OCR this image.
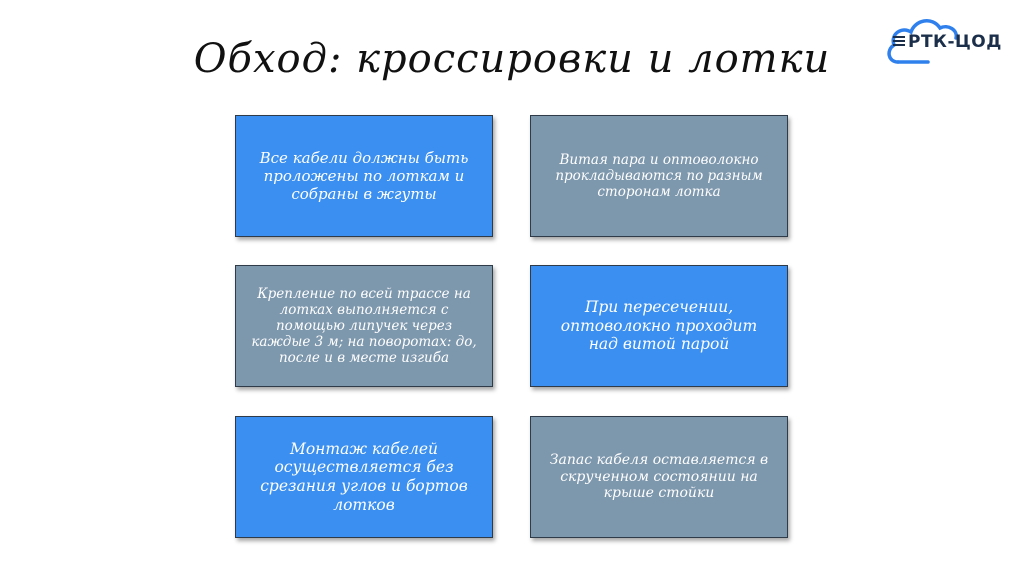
Обход: кроссировки и лотки	РТК-ЦОД
Все кабели должны быть проложены по лоткам и собраны в жгуты
Витая пара и оптоволокно прокладываются по разным сторонам лотка
Крепление по всей трассе на лотках выполняется с помощью липучек через каждые 3 м; на поворотах: до, после и в месте изгиба
При пересечении, оптоволокно проходит над витой парой
Монтаж кабелей осуществляется без срезания углов и бортов лотков
Запас кабеля оставляется в скрученном состоянии на крыше стойки
